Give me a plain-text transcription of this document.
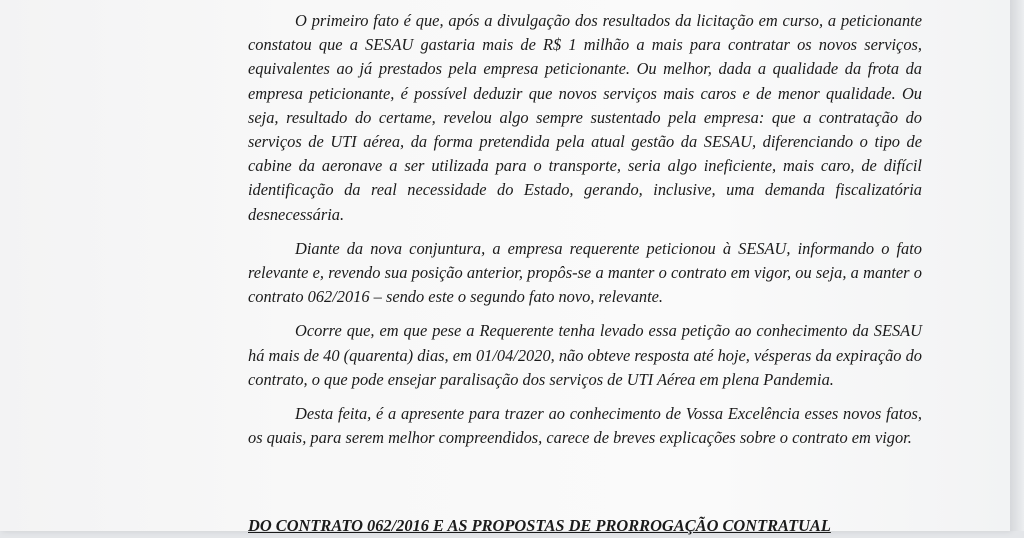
O primeiro fato é que, após a divulgação dos resultados da licitação em curso, a peticionante constatou que a SESAU gastaria mais de R$ 1 milhão a mais para contratar os novos serviços, equivalentes ao já prestados pela empresa peticionante. Ou melhor, dada a qualidade da frota da empresa peticionante, é possível deduzir que novos serviços mais caros e de menor qualidade. Ou seja, resultado do certame, revelou algo sempre sustentado pela empresa: que a contratação do serviços de UTI aérea, da forma pretendida pela atual gestão da SESAU, diferenciando o tipo de cabine da aeronave a ser utilizada para o transporte, seria algo ineficiente, mais caro, de difícil identificação da real necessidade do Estado, gerando, inclusive, uma demanda fiscalizatória desnecessária.

Diante da nova conjuntura, a empresa requerente peticionou à SESAU, informando o fato relevante e, revendo sua posição anterior, propôs-se a manter o contrato em vigor, ou seja, a manter o contrato 062/2016 – sendo este o segundo fato novo, relevante.

Ocorre que, em que pese a Requerente tenha levado essa petição ao conhecimento da SESAU há mais de 40 (quarenta) dias, em 01/04/2020, não obteve resposta até hoje, vésperas da expiração do contrato, o que pode ensejar paralisação dos serviços de UTI Aérea em plena Pandemia.

Desta feita, é a apresente para trazer ao conhecimento de Vossa Excelência esses novos fatos, os quais, para serem melhor compreendidos, carece de breves explicações sobre o contrato em vigor.

DO CONTRATO 062/2016 E AS PROPOSTAS DE PRORROGAÇÃO CONTRATUAL
